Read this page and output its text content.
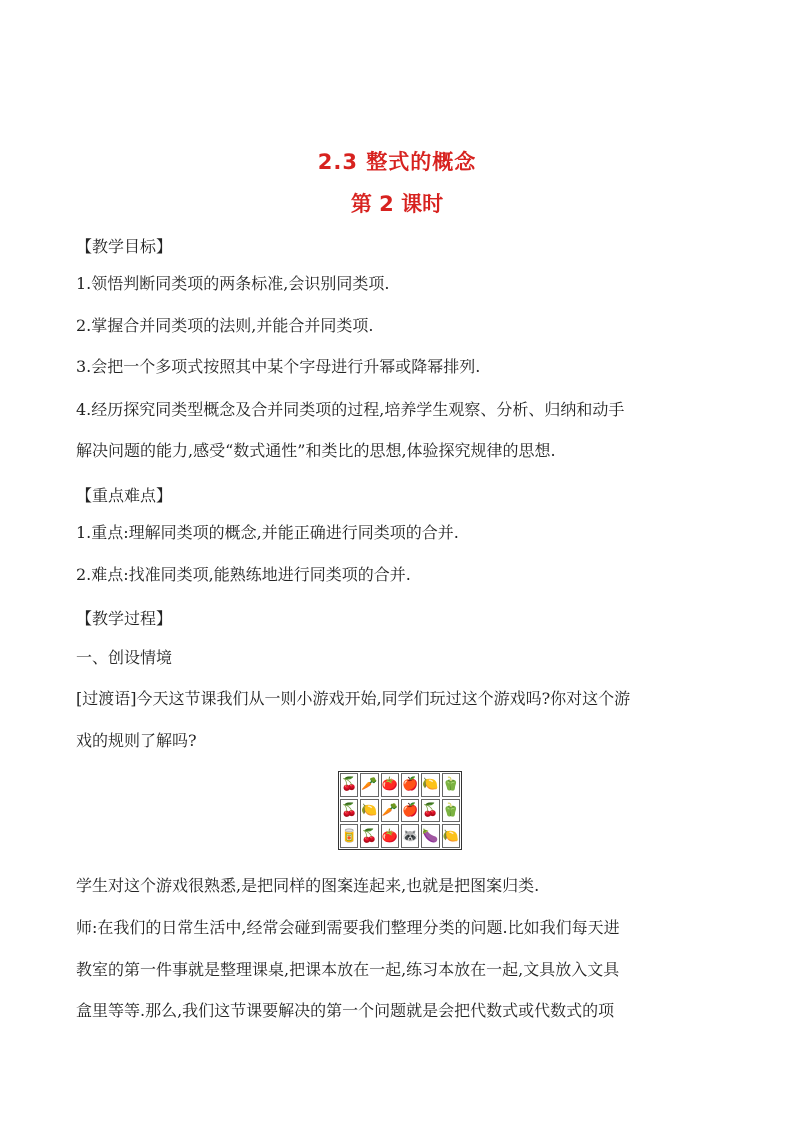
2.3 整式的概念
第 2 课时
【教学目标】
1.领悟判断同类项的两条标准,会识别同类项.
2.掌握合并同类项的法则,并能合并同类项.
3.会把一个多项式按照其中某个字母进行升幂或降幂排列.
4.经历探究同类型概念及合并同类项的过程,培养学生观察、分析、归纳和动手
解决问题的能力,感受“数式通性”和类比的思想,体验探究规律的思想.
【重点难点】
1.重点:理解同类项的概念,并能正确进行同类项的合并.
2.难点:找准同类项,能熟练地进行同类项的合并.
【教学过程】
一、创设情境
[过渡语]今天这节课我们从一则小游戏开始,同学们玩过这个游戏吗?你对这个游
戏的规则了解吗?
🍒 🥕 🍅 🍎 🍋 🫑
🍒 🍋 🥕 🍎 🍒 🫑
🥫 🍒 🍅 🦝 🍆 🍋
学生对这个游戏很熟悉,是把同样的图案连起来,也就是把图案归类.
师:在我们的日常生活中,经常会碰到需要我们整理分类的问题.比如我们每天进
教室的第一件事就是整理课桌,把课本放在一起,练习本放在一起,文具放入文具
盒里等等.那么,我们这节课要解决的第一个问题就是会把代数式或代数式的项
